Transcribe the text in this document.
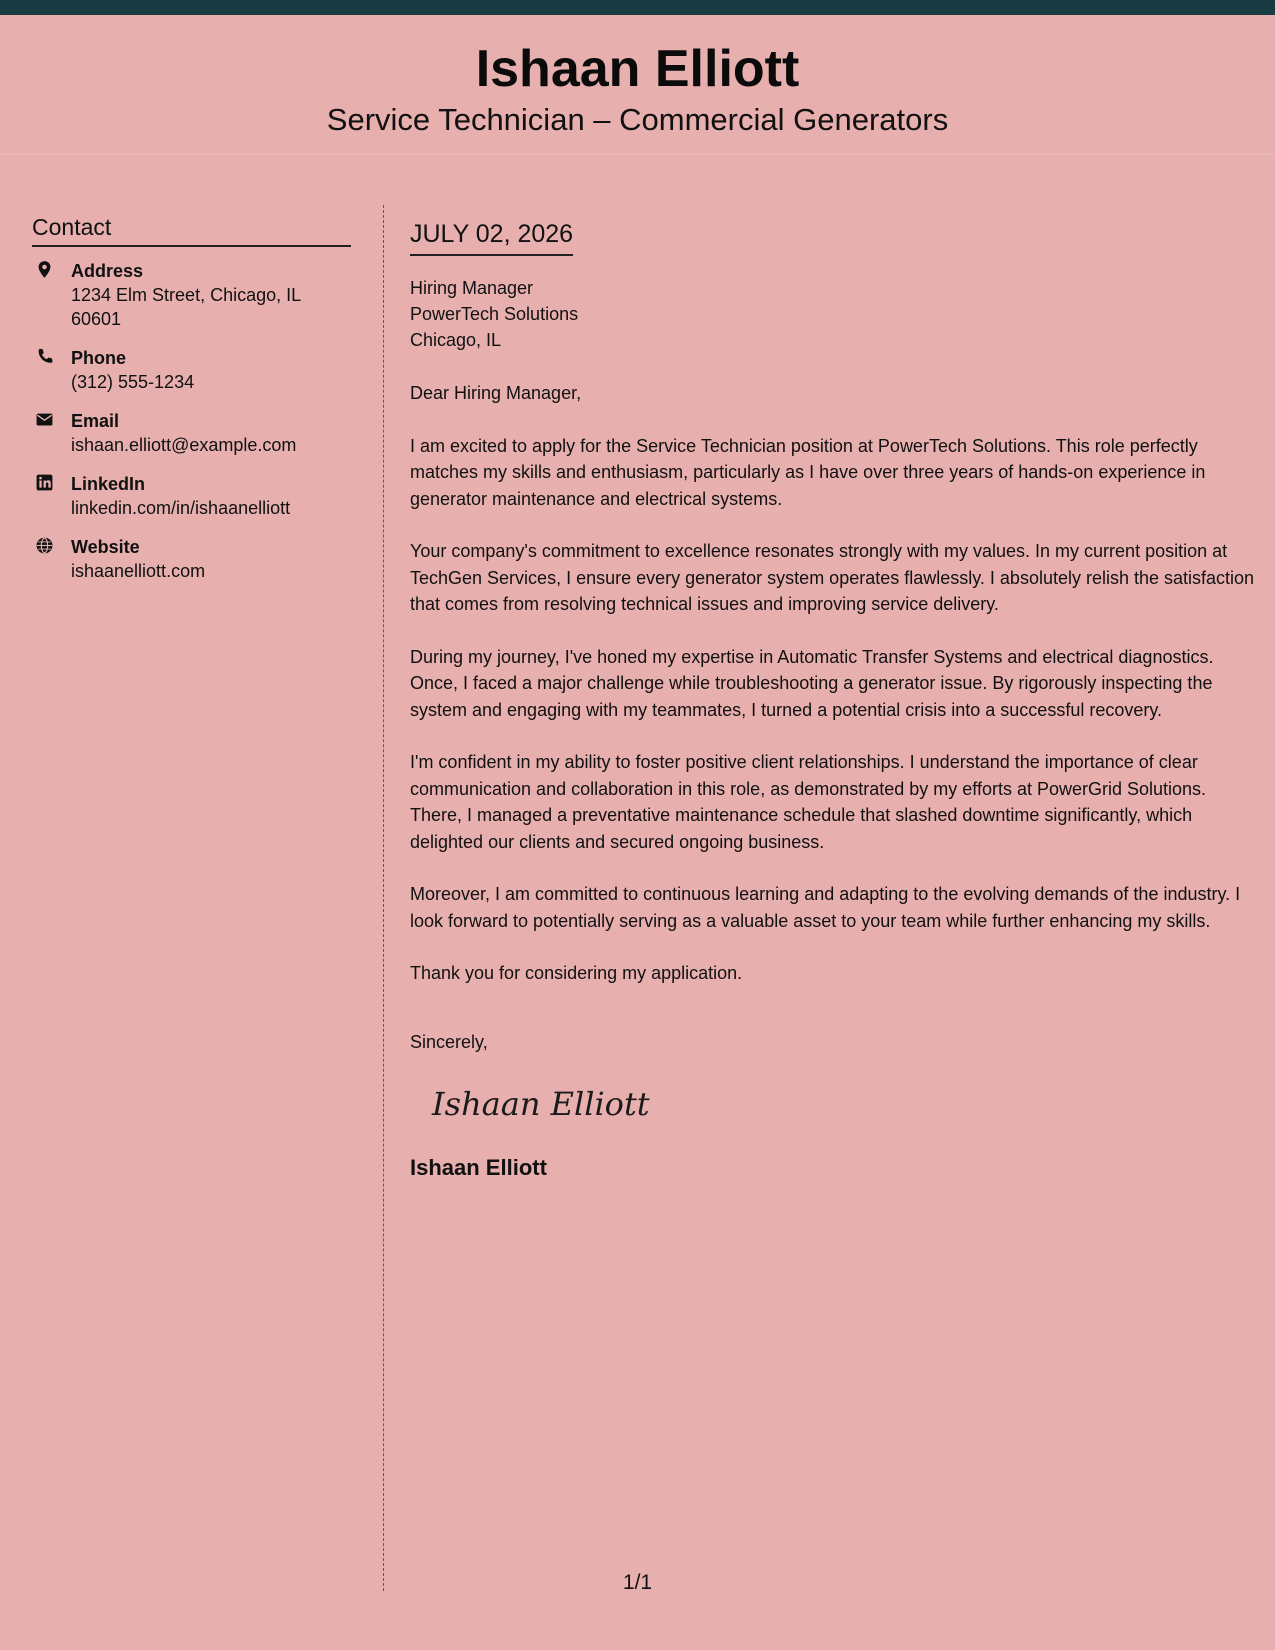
Ishaan Elliott
Service Technician – Commercial Generators
Contact
Address
1234 Elm Street, Chicago, IL 60601
Phone
(312) 555-1234
Email
ishaan.elliott@example.com
LinkedIn
linkedin.com/in/ishaanelliott
Website
ishaanelliott.com
JULY 02, 2026
Hiring Manager
PowerTech Solutions
Chicago, IL
Dear Hiring Manager,
I am excited to apply for the Service Technician position at PowerTech Solutions. This role perfectly matches my skills and enthusiasm, particularly as I have over three years of hands-on experience in generator maintenance and electrical systems.
Your company's commitment to excellence resonates strongly with my values. In my current position at TechGen Services, I ensure every generator system operates flawlessly. I absolutely relish the satisfaction that comes from resolving technical issues and improving service delivery.
During my journey, I've honed my expertise in Automatic Transfer Systems and electrical diagnostics. Once, I faced a major challenge while troubleshooting a generator issue. By rigorously inspecting the system and engaging with my teammates, I turned a potential crisis into a successful recovery.
I'm confident in my ability to foster positive client relationships. I understand the importance of clear communication and collaboration in this role, as demonstrated by my efforts at PowerGrid Solutions. There, I managed a preventative maintenance schedule that slashed downtime significantly, which delighted our clients and secured ongoing business.
Moreover, I am committed to continuous learning and adapting to the evolving demands of the industry. I look forward to potentially serving as a valuable asset to your team while further enhancing my skills.
Thank you for considering my application.
Sincerely,
Ishaan Elliott
Ishaan Elliott
1/1
